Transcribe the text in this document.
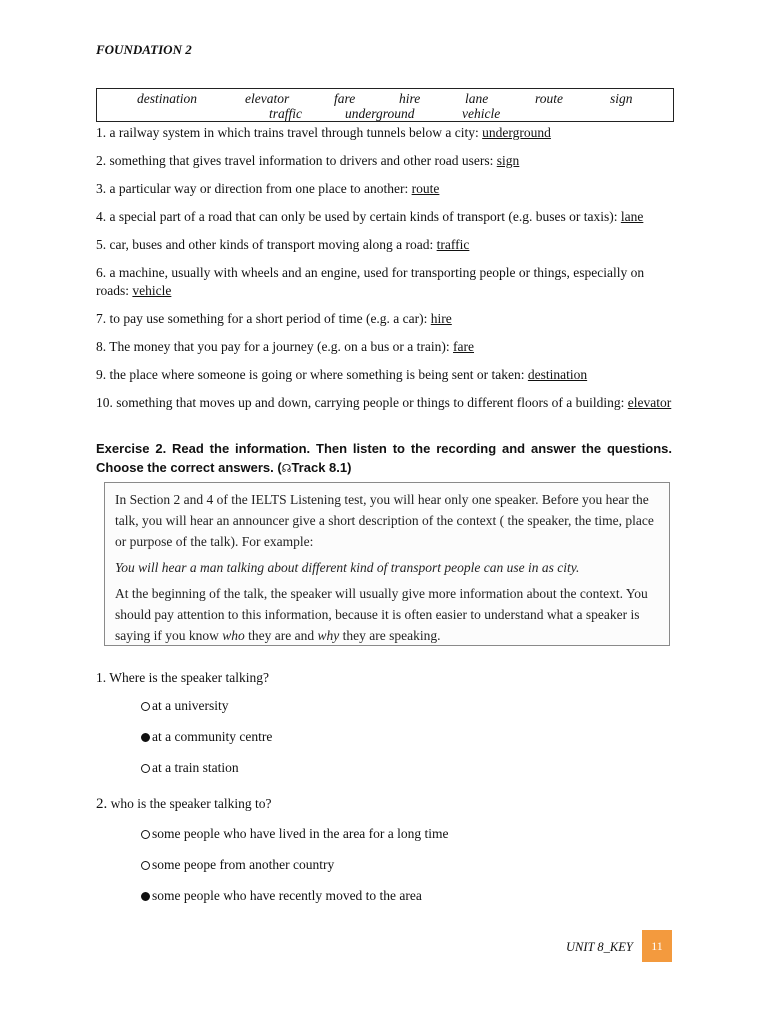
FOUNDATION 2
destination	elevator	fare	hire	lane	route	sign
traffic	underground	vehicle
1. a railway system in which trains travel through tunnels below a city: underground
2. something that gives travel information to drivers and other road users: sign
3. a particular way or direction from one place to another: route
4. a special part of a road that can only be used by certain kinds of transport (e.g. buses or taxis): lane
5. car, buses and other kinds of transport moving along a road: traffic
6. a machine, usually with wheels and an engine, used for transporting people or things, especially on roads: vehicle
7. to pay use something for a short period of time (e.g. a car): hire
8. The money that you pay for a journey (e.g. on a bus or a train): fare
9. the place where someone is going or where something is being sent or taken: destination
10. something that moves up and down, carrying people or things to different floors of a building: elevator
Exercise 2. Read the information. Then listen to the recording and answer the questions. Choose the correct answers. (☊Track 8.1)

In Section 2 and 4 of the IELTS Listening test, you will hear only one speaker. Before you hear the talk, you will hear an announcer give a short description of the context ( the speaker, the time, place or purpose of the talk). For example:

You will hear a man talking about different kind of transport people can use in as city.

At the beginning of the talk, the speaker will usually give more information about the context. You should pay attention to this information, because it is often easier to understand what a speaker is saying if you know who they are and why they are speaking.

1. Where is the speaker talking?
at a university
at a community centre
at a train station
2. who is the speaker talking to?
some people who have lived in the area for a long time
some peope from another country
some people who have recently moved to the area
UNIT 8_KEY	11
